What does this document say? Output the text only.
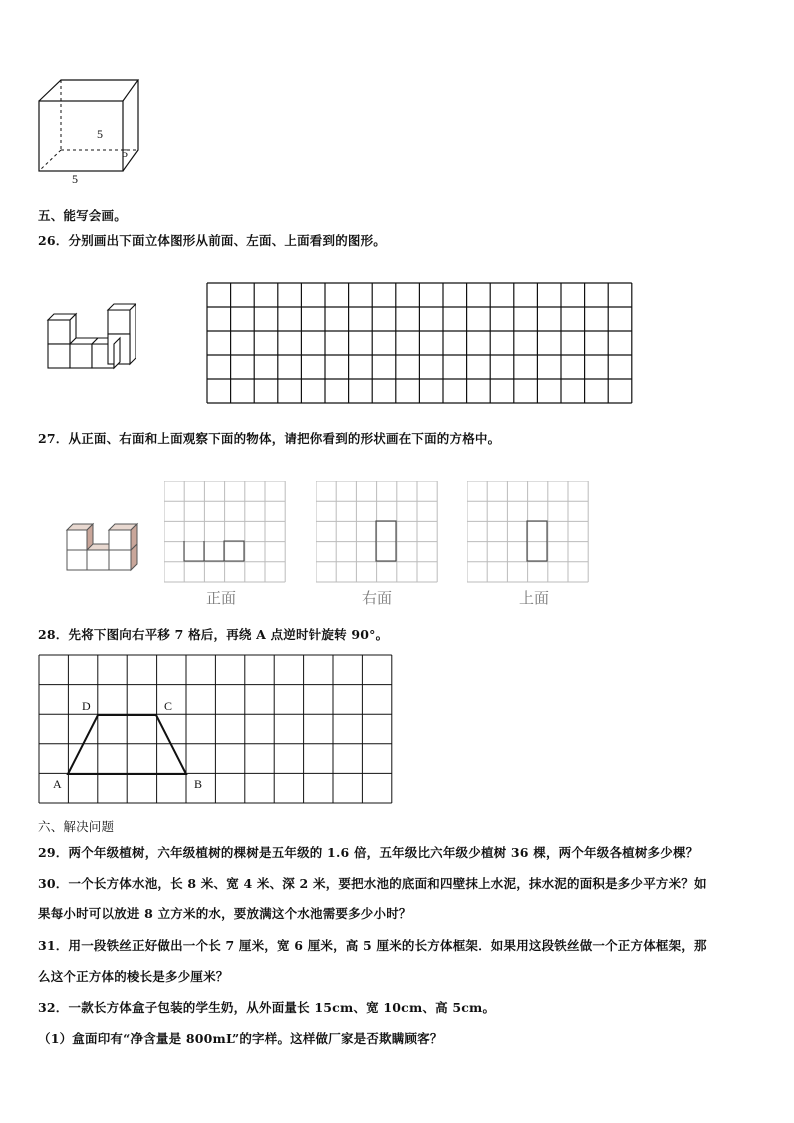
5
5
5
五、能写会画。
26．分别画出下面立体图形从前面、左面、上面看到的图形。
27．从正面、右面和上面观察下面的物体，请把你看到的形状画在下面的方格中。
正面	右面	上面
28．先将下图向右平移 7 格后，再绕 A 点逆时针旋转 90°。
D	C
A	B
六、解决问题
29．两个年级植树，六年级植树的棵树是五年级的 1.6 倍，五年级比六年级少植树 36 棵，两个年级各植树多少棵？
30．一个长方体水池，长 8 米、宽 4 米、深 2 米，要把水池的底面和四壁抹上水泥，抹水泥的面积是多少平方米？如
果每小时可以放进 8 立方米的水，要放满这个水池需要多少小时？
31．用一段铁丝正好做出一个长 7 厘米，宽 6 厘米，高 5 厘米的长方体框架．如果用这段铁丝做一个正方体框架，那
么这个正方体的棱长是多少厘米？
32．一款长方体盒子包装的学生奶，从外面量长 15cm、宽 10cm、高 5cm。
（1）盒面印有“净含量是 800mL”的字样。这样做厂家是否欺瞒顾客？
